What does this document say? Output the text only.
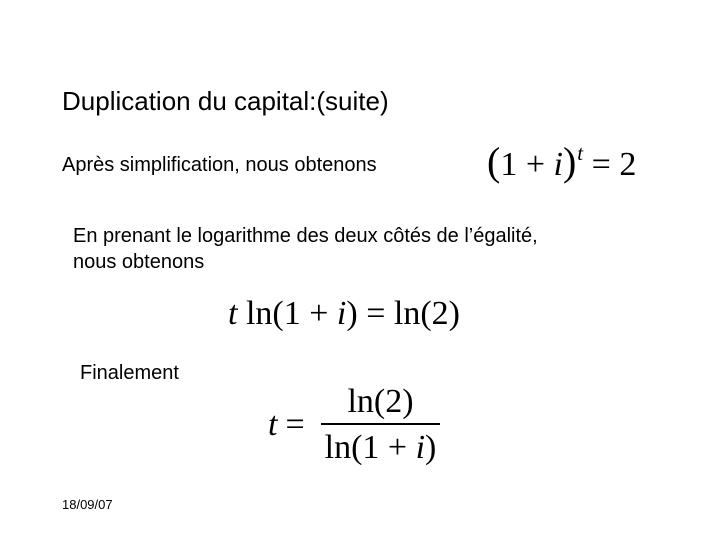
Duplication du capital:(suite)
Après simplification, nous obtenons	$(1 + i)^t = 2$
En prenant le logarithme des deux côtés de l’égalité,
nous obtenons
t ln(1 + i) = ln(2)
Finalement
$t = \frac{\ln(2)}{\ln(1 + i)}$
18/09/07
